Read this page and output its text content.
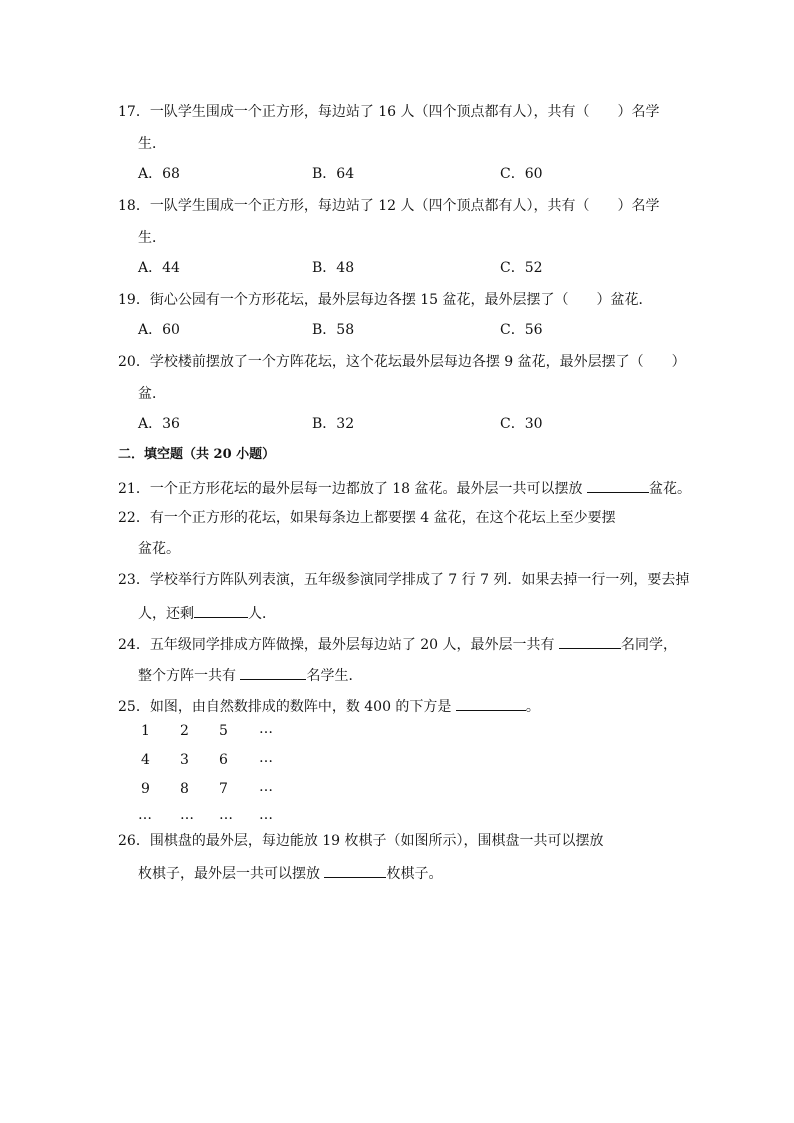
17．一队学生围成一个正方形，每边站了 16 人（四个顶点都有人），共有（　　）名学
生．
A．68	B．64	C．60
18．一队学生围成一个正方形，每边站了 12 人（四个顶点都有人），共有（　　）名学
生．
A．44	B．48	C．52
19．街心公园有一个方形花坛，最外层每边各摆 15 盆花，最外层摆了（　　）盆花．
A．60	B．58	C．56
20．学校楼前摆放了一个方阵花坛，这个花坛最外层每边各摆 9 盆花，最外层摆了（　　）
盆．
A．36	B．32	C．30
二．填空题（共 20 小题）
21．一个正方形花坛的最外层每一边都放了 18 盆花。最外层一共可以摆放	盆花。
22．有一个正方形的花坛，如果每条边上都要摆 4 盆花，在这个花坛上至少要摆
盆花。
23．学校举行方阵队列表演，五年级参演同学排成了 7 行 7 列．如果去掉一行一列，要去掉
人，还剩	人．
24．五年级同学排成方阵做操，最外层每边站了 20 人，最外层一共有	名同学，
整个方阵一共有	名学生．
25．如图，由自然数排成的数阵中，数 400 的下方是	。
1 2 5 …
4 3 6 …
9 8 7 …
… … … …
26．围棋盘的最外层，每边能放 19 枚棋子（如图所示），围棋盘一共可以摆放
枚棋子，最外层一共可以摆放	枚棋子。
